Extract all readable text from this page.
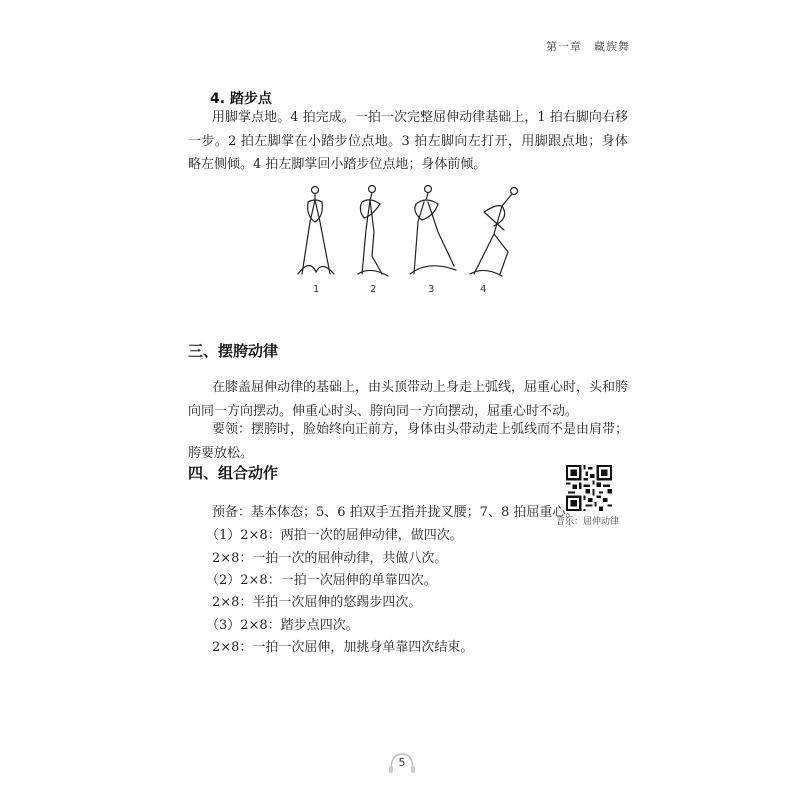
第一章　藏族舞
4. 踏步点
用脚掌点地。4 拍完成。一拍一次完整屈伸动律基础上，1 拍右脚向右移一步。2 拍左脚掌在小踏步位点地。3 拍左脚向左打开，用脚跟点地；身体略左侧倾。4 拍左脚掌回小踏步位点地；身体前倾。
1	2	3	4
三、摆胯动律
在膝盖屈伸动律的基础上，由头顶带动上身走上弧线，屈重心时，头和胯向同一方向摆动。伸重心时头、胯向同一方向摆动，屈重心时不动。
要领：摆胯时，脸始终向正前方，身体由头带动走上弧线而不是由肩带；胯要放松。
四、组合动作
音乐：屈伸动律
预备：基本体态；5、6 拍双手五指并拢叉腰；7、8 拍屈重心。
（1）2×8：两拍一次的屈伸动律，做四次。
2×8：一拍一次的屈伸动律，共做八次。
（2）2×8：一拍一次屈伸的单靠四次。
2×8：半拍一次屈伸的悠踢步四次。
（3）2×8：踏步点四次。
2×8：一拍一次屈伸，加挑身单靠四次结束。
5
